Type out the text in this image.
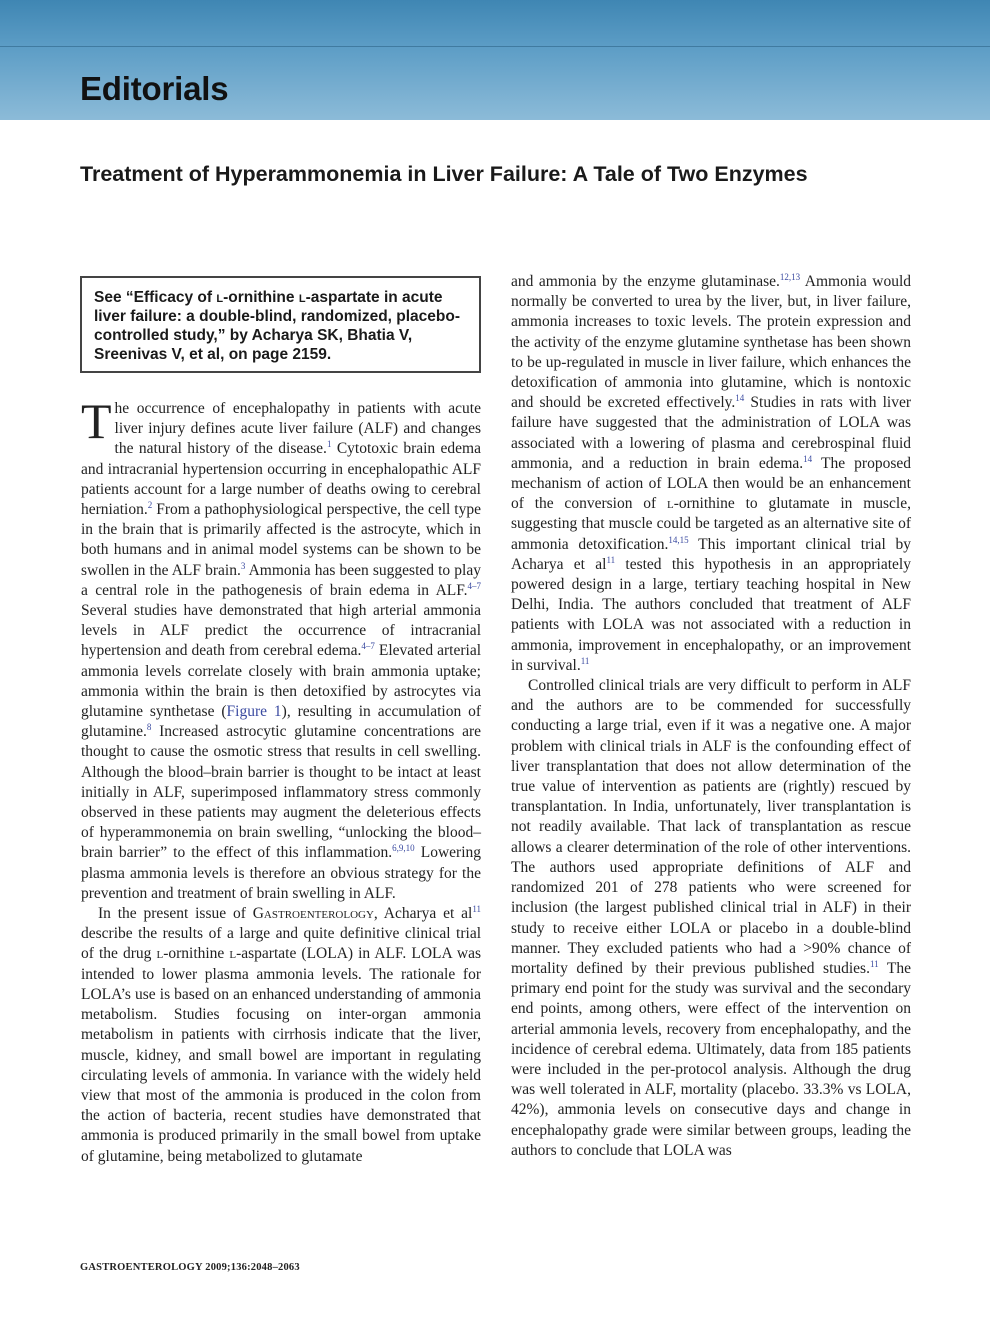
Editorials
Treatment of Hyperammonemia in Liver Failure: A Tale of Two Enzymes
See “Efficacy of l-ornithine l-aspartate in acute liver failure: a double-blind, randomized, placebo-controlled study,” by Acharya SK, Bhatia V, Sreenivas V, et al, on page 2159.

The occurrence of encephalopathy in patients with acute liver injury defines acute liver failure (ALF) and changes the natural history of the disease.$^1$ Cytotoxic brain edema and intracranial hypertension occurring in encephalopathic ALF patients account for a large number of deaths owing to cerebral herniation.$^2$ From a pathophysiological perspective, the cell type in the brain that is primarily affected is the astrocyte, which in both humans and in animal model systems can be shown to be swollen in the ALF brain.$^3$ Ammonia has been suggested to play a central role in the pathogenesis of brain edema in ALF.$^{4-7}$ Several studies have demonstrated that high arterial ammonia levels in ALF predict the occurrence of intracranial hypertension and death from cerebral edema.$^{4-7}$ Elevated arterial ammonia levels correlate closely with brain ammonia uptake; ammonia within the brain is then detoxified by astrocytes via glutamine synthetase (Figure 1), resulting in accumulation of glutamine.$^8$ Increased astrocytic glutamine concentrations are thought to cause the osmotic stress that results in cell swelling. Although the blood–brain barrier is thought to be intact at least initially in ALF, superimposed inflammatory stress commonly observed in these patients may augment the deleterious effects of hyperammonemia on brain swelling, “unlocking the blood–brain barrier” to the effect of this inflammation.$^{6,9,10}$ Lowering plasma ammonia levels is therefore an obvious strategy for the prevention and treatment of brain swelling in ALF.

In the present issue of Gastroenterology, Acharya et $al^{11}$ describe the results of a large and quite definitive clinical trial of the drug l-ornithine l-aspartate (LOLA) in ALF. LOLA was intended to lower plasma ammonia levels. The rationale for LOLA’s use is based on an enhanced understanding of ammonia metabolism. Studies focusing on inter-organ ammonia metabolism in patients with cirrhosis indicate that the liver, muscle, kidney, and small bowel are important in regulating circulating levels of ammonia. In variance with the widely held view that most of the ammonia is produced in the colon from the action of bacteria, recent studies have demonstrated that ammonia is produced primarily in the small bowel from uptake of glutamine, being metabolized to glutamate

and ammonia by the enzyme glutaminase.$^{12,13}$ Ammonia would normally be converted to urea by the liver, but, in liver failure, ammonia increases to toxic levels. The protein expression and the activity of the enzyme glutamine synthetase has been shown to be up-regulated in muscle in liver failure, which enhances the detoxification of ammonia into glutamine, which is nontoxic and should be excreted effectively.$^{14}$ Studies in rats with liver failure have suggested that the administration of LOLA was associated with a lowering of plasma and cerebrospinal fluid ammonia, and a reduction in brain edema.$^{14}$ The proposed mechanism of action of LOLA then would be an enhancement of the conversion of l-ornithine to glutamate in muscle, suggesting that muscle could be targeted as an alternative site of ammonia detoxification.$^{14,15}$ This important clinical trial by Acharya et $al^{11}$ tested this hypothesis in an appropriately powered design in a large, tertiary teaching hospital in New Delhi, India. The authors concluded that treatment of ALF patients with LOLA was not associated with a reduction in ammonia, improvement in encephalopathy, or an improvement in survival.$^{11}$

Controlled clinical trials are very difficult to perform in ALF and the authors are to be commended for successfully conducting a large trial, even if it was a negative one. A major problem with clinical trials in ALF is the confounding effect of liver transplantation that does not allow determination of the true value of intervention as patients are (rightly) rescued by transplantation. In India, unfortunately, liver transplantation is not readily available. That lack of transplantation as rescue allows a clearer determination of the role of other interventions. The authors used appropriate definitions of ALF and randomized 201 of 278 patients who were screened for inclusion (the largest published clinical trial in ALF) in their study to receive either LOLA or placebo in a double-blind manner. They excluded patients who had a >90% chance of mortality defined by their previous published studies.$^{11}$ The primary end point for the study was survival and the secondary end points, among others, were effect of the intervention on arterial ammonia levels, recovery from encephalopathy, and the incidence of cerebral edema. Ultimately, data from 185 patients were included in the per-protocol analysis. Although the drug was well tolerated in ALF, mortality (placebo. 33.3% vs LOLA, 42%), ammonia levels on consecutive days and change in encephalopathy grade were similar between groups, leading the authors to conclude that LOLA was

GASTROENTEROLOGY 2009;136:2048–2063
